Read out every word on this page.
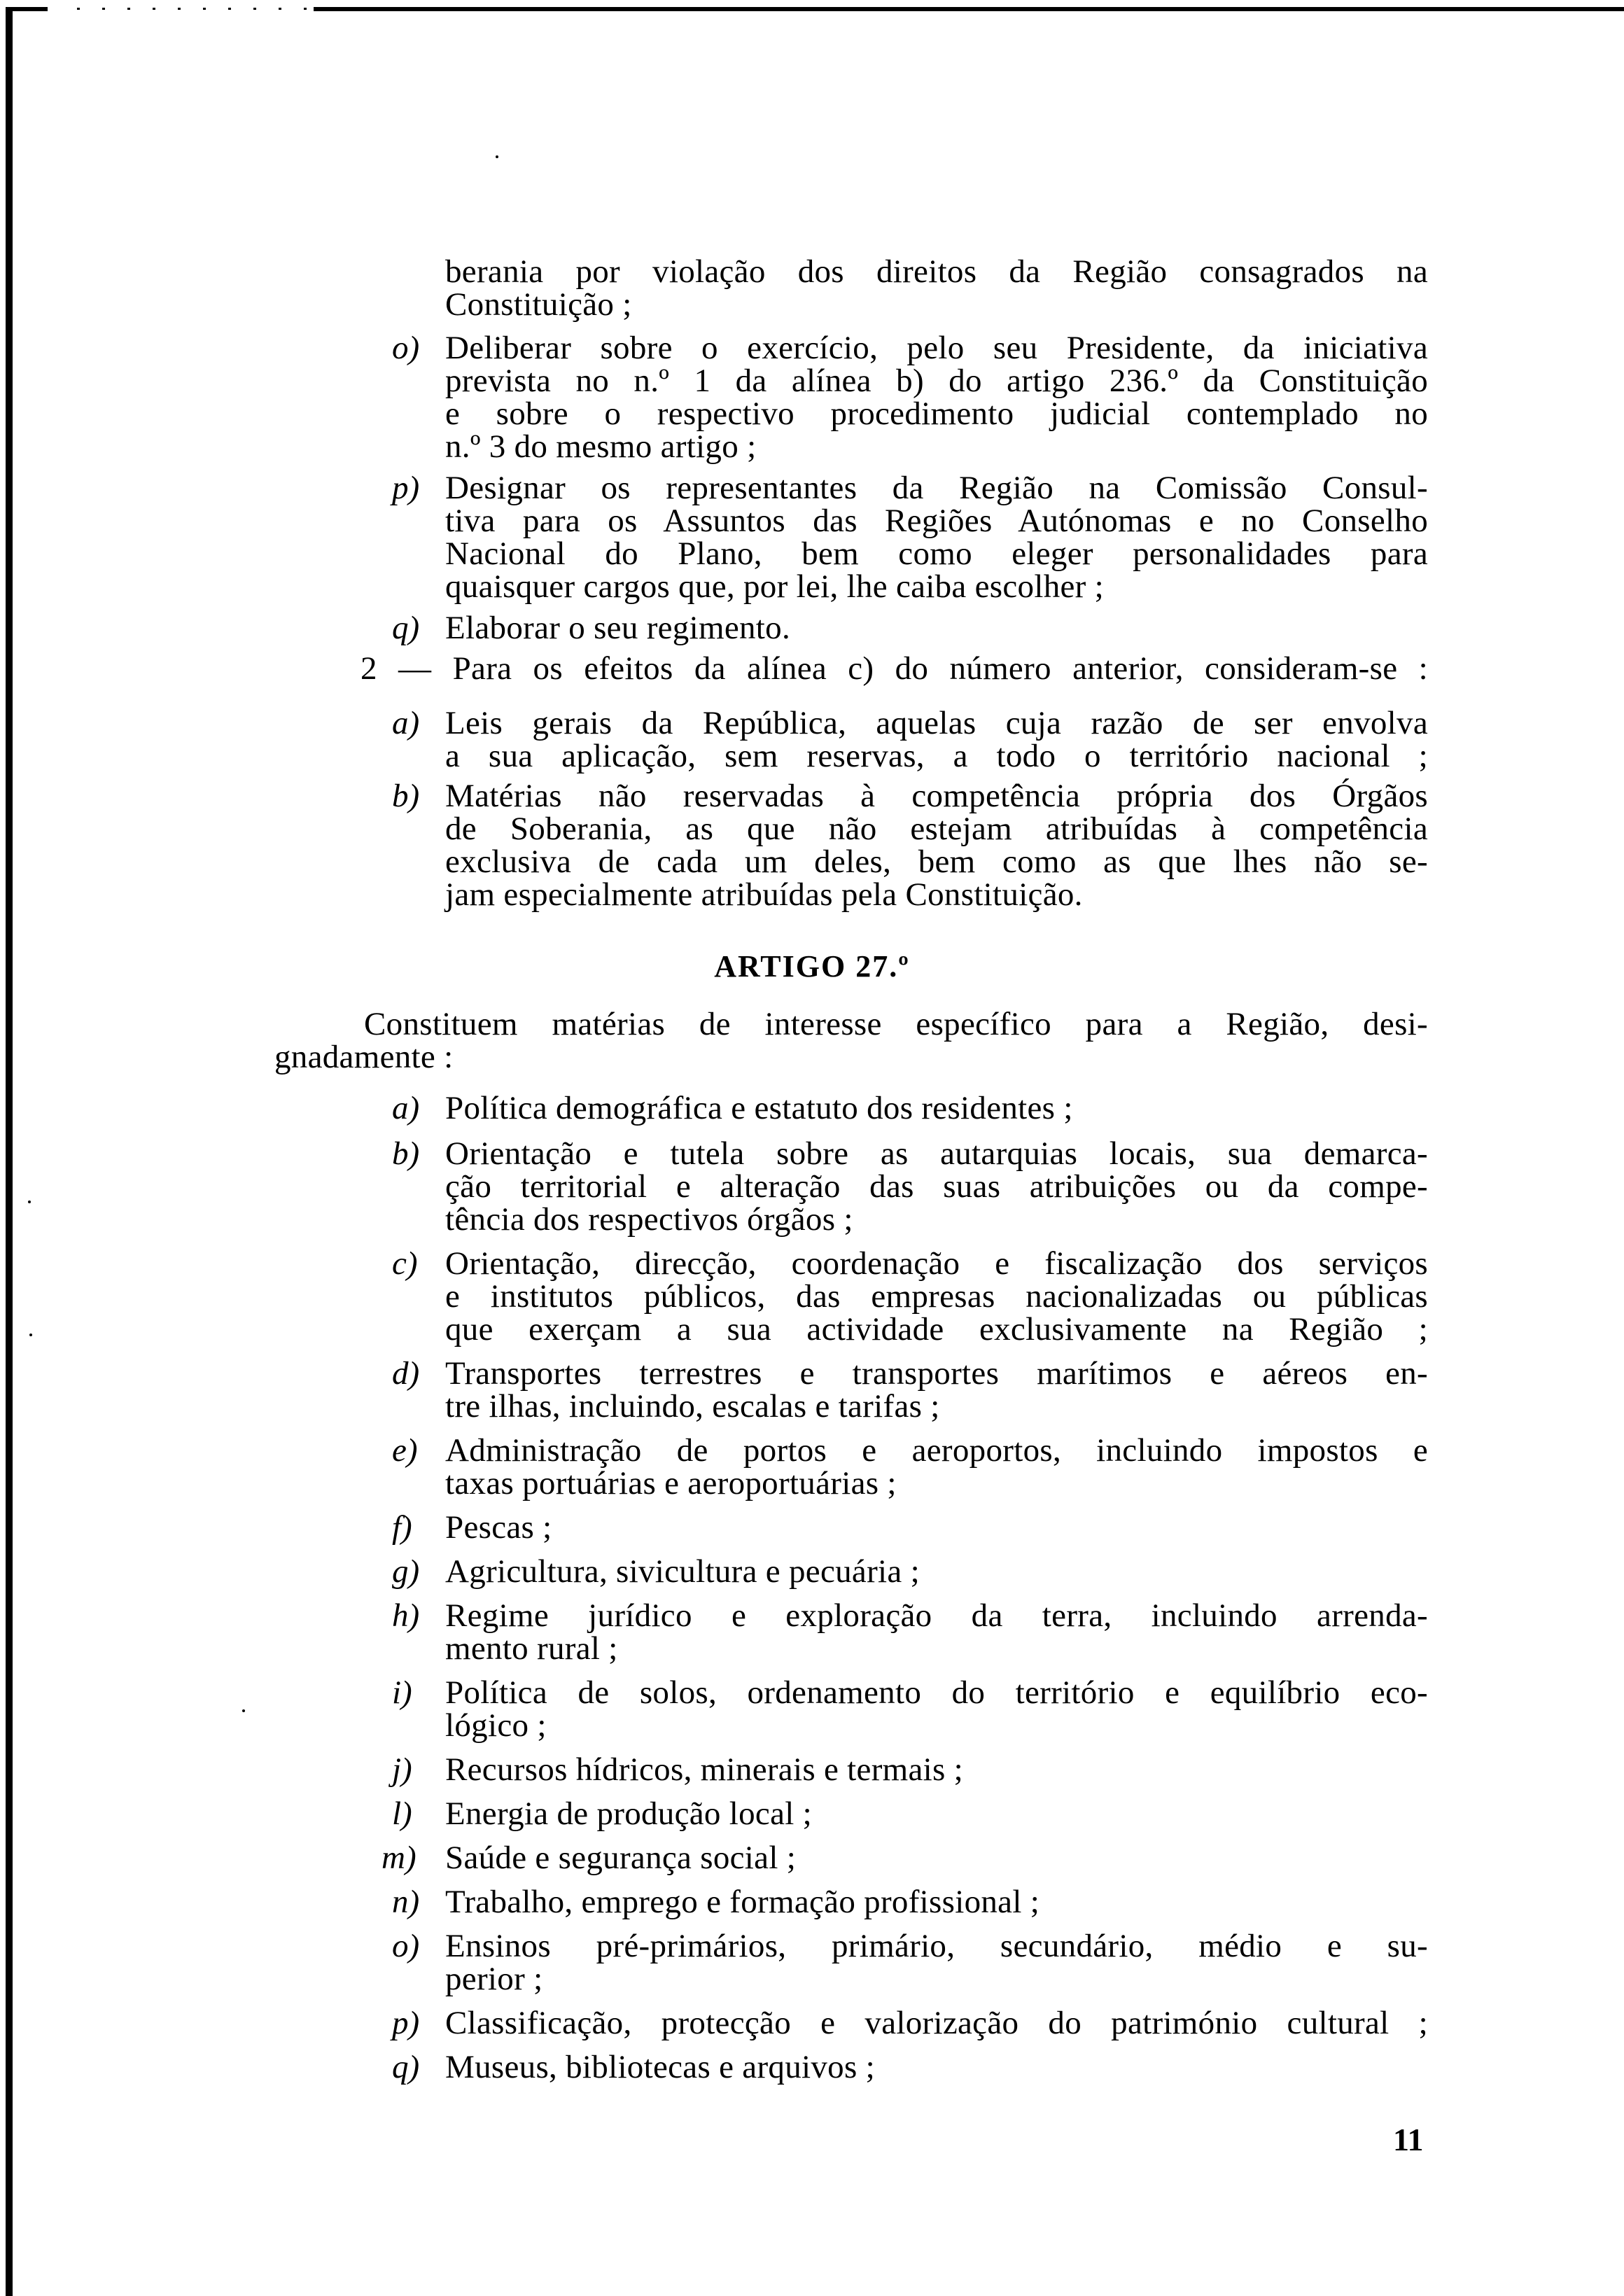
berania por violação dos direitos da Região consagrados na
Constituição ;
o) Deliberar sobre o exercício, pelo seu Presidente, da iniciativa
prevista no n.º 1 da alínea b) do artigo 236.º da Constituição
e sobre o respectivo procedimento judicial contemplado no
n.º 3 do mesmo artigo ;
p) Designar os representantes da Região na Comissão Consul-
tiva para os Assuntos das Regiões Autónomas e no Conselho
Nacional do Plano, bem como eleger personalidades para
quaisquer cargos que, por lei, lhe caiba escolher ;
q) Elaborar o seu regimento.
2 — Para os efeitos da alínea c) do número anterior, consideram-se :
a) Leis gerais da República, aquelas cuja razão de ser envolva
a sua aplicação, sem reservas, a todo o território nacional ;
b) Matérias não reservadas à competência própria dos Órgãos
de Soberania, as que não estejam atribuídas à competência
exclusiva de cada um deles, bem como as que lhes não se-
jam especialmente atribuídas pela Constituição.
ARTIGO 27.º
Constituem matérias de interesse específico para a Região, desi-
gnadamente :
a) Política demográfica e estatuto dos residentes ;
b) Orientação e tutela sobre as autarquias locais, sua demarca-
ção territorial e alteração das suas atribuições ou da compe-
tência dos respectivos órgãos ;
c) Orientação, direcção, coordenação e fiscalização dos serviços
e institutos públicos, das empresas nacionalizadas ou públicas
que exerçam a sua actividade exclusivamente na Região ;
d) Transportes terrestres e transportes marítimos e aéreos en-
tre ilhas, incluindo, escalas e tarifas ;
e) Administração de portos e aeroportos, incluindo impostos e
taxas portuárias e aeroportuárias ;
f) Pescas ;
g) Agricultura, sivicultura e pecuária ;
h) Regime jurídico e exploração da terra, incluindo arrenda-
mento rural ;
i) Política de solos, ordenamento do território e equilíbrio eco-
lógico ;
j) Recursos hídricos, minerais e termais ;
l) Energia de produção local ;
m) Saúde e segurança social ;
n) Trabalho, emprego e formação profissional ;
o) Ensinos pré-primários, primário, secundário, médio e su-
perior ;
p) Classificação, protecção e valorização do património cultural ;
q) Museus, bibliotecas e arquivos ;
11
